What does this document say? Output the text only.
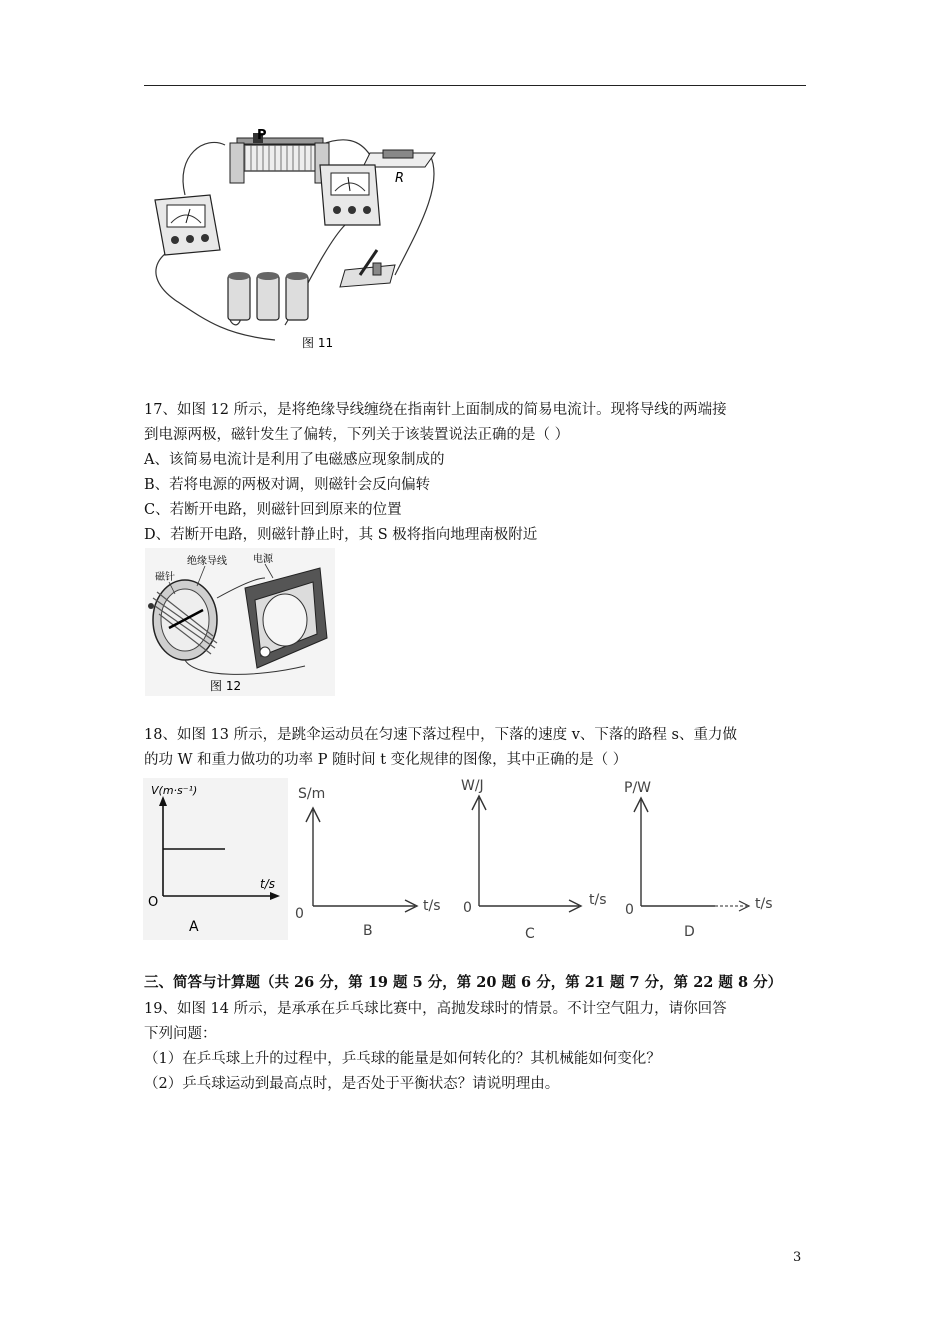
P
R
图 11
17、如图 12 所示，是将绝缘导线缠绕在指南针上面制成的简易电流计。现将导线的两端接
到电源两极，磁针发生了偏转，下列关于该装置说法正确的是（ ）
A、该简易电流计是利用了电磁感应现象制成的
B、若将电源的两极对调，则磁针会反向偏转
C、若断开电路，则磁针回到原来的位置
D、若断开电路，则磁针静止时，其 S 极将指向地理南极附近
磁针
绝缘导线	电源
图 12
18、如图 13 所示，是跳伞运动员在匀速下落过程中，下落的速度 v、下落的路程 s、重力做
的功 W 和重力做功的功率 P 随时间 t 变化规律的图像，其中正确的是（ ）
V(m·s⁻¹)
t/s
O
A
S/m
t/s
0
B
W/J
t/s
0
C
P/W
t/s
0
D
三、简答与计算题（共 26 分，第 19 题 5 分，第 20 题 6 分，第 21 题 7 分，第 22 题 8 分）
19、如图 14 所示，是承承在乒乓球比赛中，高抛发球时的情景。不计空气阻力，请你回答
下列问题：
（1）在乒乓球上升的过程中，乒乓球的能量是如何转化的？其机械能如何变化？
（2）乒乓球运动到最高点时，是否处于平衡状态？请说明理由。
3
